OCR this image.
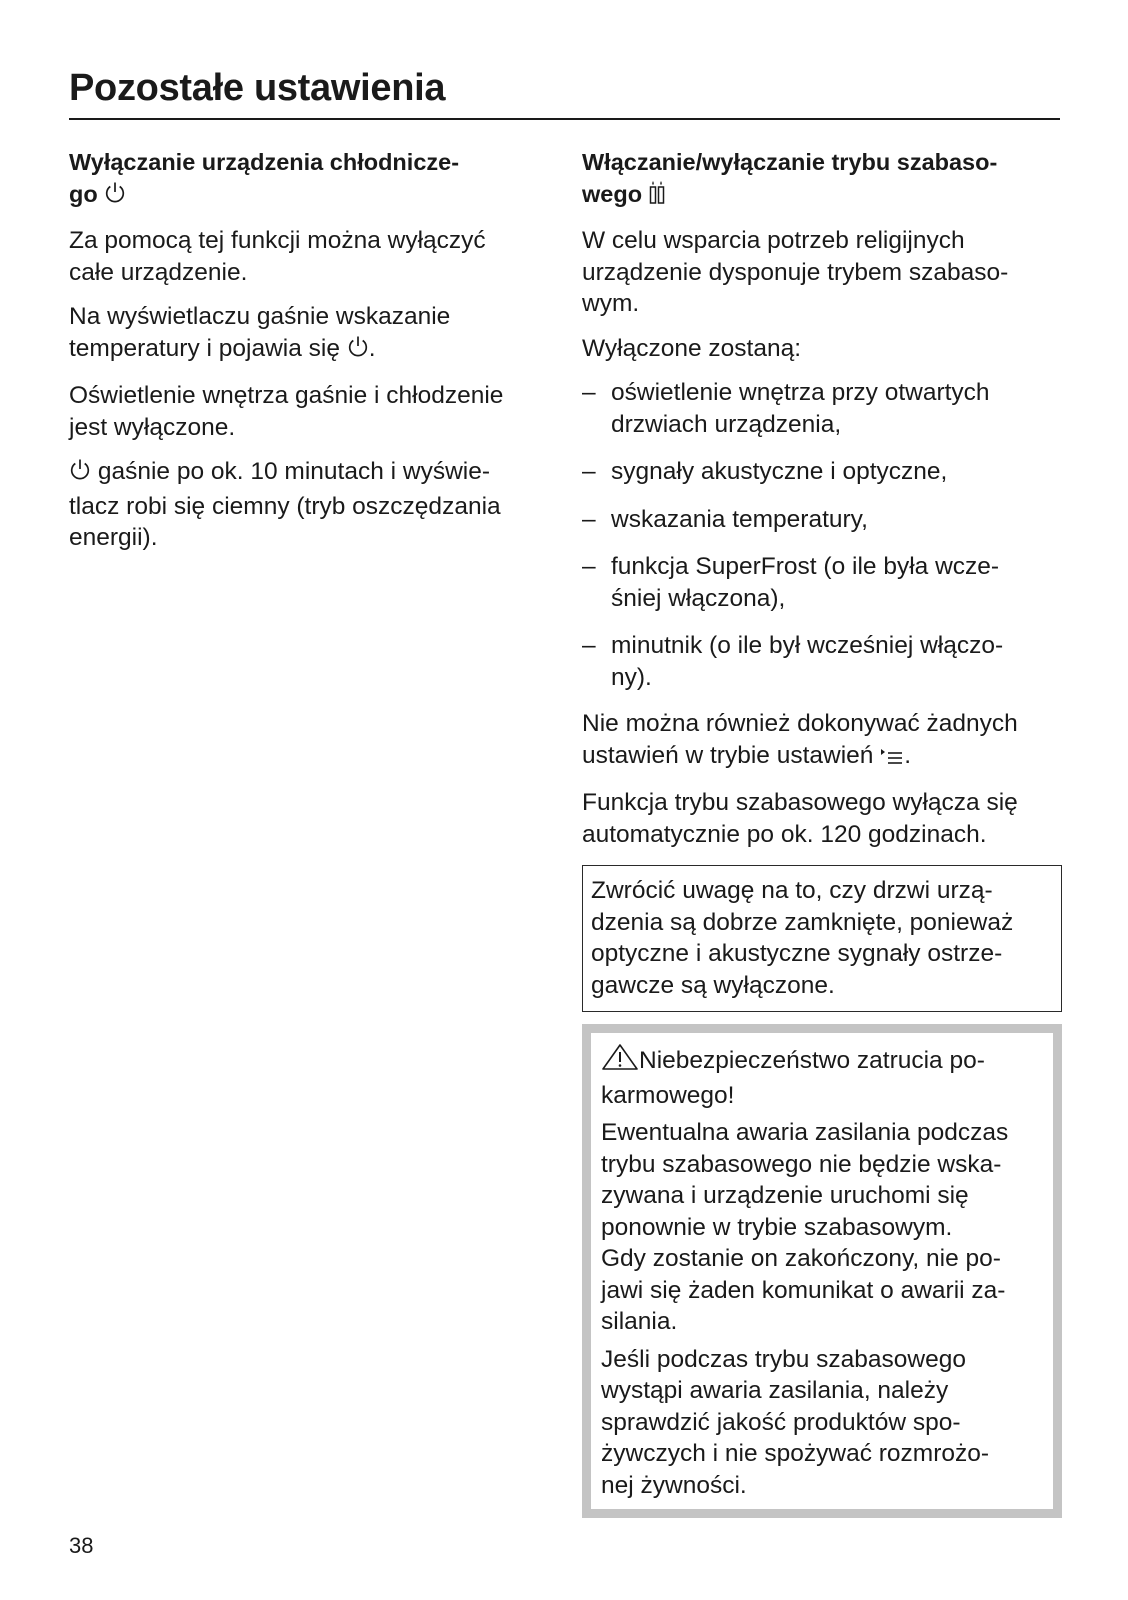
Pozostałe ustawienia
Wyłączanie urządzenia chłodnicze-
go

Za pomocą tej funkcji można wyłączyć
całe urządzenie.

Na wyświetlaczu gaśnie wskazanie
temperatury i pojawia się .

Oświetlenie wnętrza gaśnie i chłodzenie
jest wyłączone.

gaśnie po ok. 10 minutach i wyświe-
tlacz robi się ciemny (tryb oszczędzania
energii).

Włączanie/wyłączanie trybu szabaso-
wego

W celu wsparcia potrzeb religijnych
urządzenie dysponuje trybem szabaso-
wym.

Wyłączone zostaną:

– oświetlenie wnętrza przy otwartych
drzwiach urządzenia,
– sygnały akustyczne i optyczne,
– wskazania temperatury,
– funkcja SuperFrost (o ile była wcze-
śniej włączona),
– minutnik (o ile był wcześniej włączo-
ny).

Nie można również dokonywać żadnych
ustawień w trybie ustawień .

Funkcja trybu szabasowego wyłącza się
automatycznie po ok. 120 godzinach.

Zwrócić uwagę na to, czy drzwi urzą-
dzenia są dobrze zamknięte, ponieważ
optyczne i akustyczne sygnały ostrze-
gawcze są wyłączone.

Niebezpieczeństwo zatrucia po-
karmowego!

Ewentualna awaria zasilania podczas
trybu szabasowego nie będzie wska-
zywana i urządzenie uruchomi się
ponownie w trybie szabasowym.
Gdy zostanie on zakończony, nie po-
jawi się żaden komunikat o awarii za-
silania.

Jeśli podczas trybu szabasowego
wystąpi awaria zasilania, należy
sprawdzić jakość produktów spo-
żywczych i nie spożywać rozmrożo-
nej żywności.

38
